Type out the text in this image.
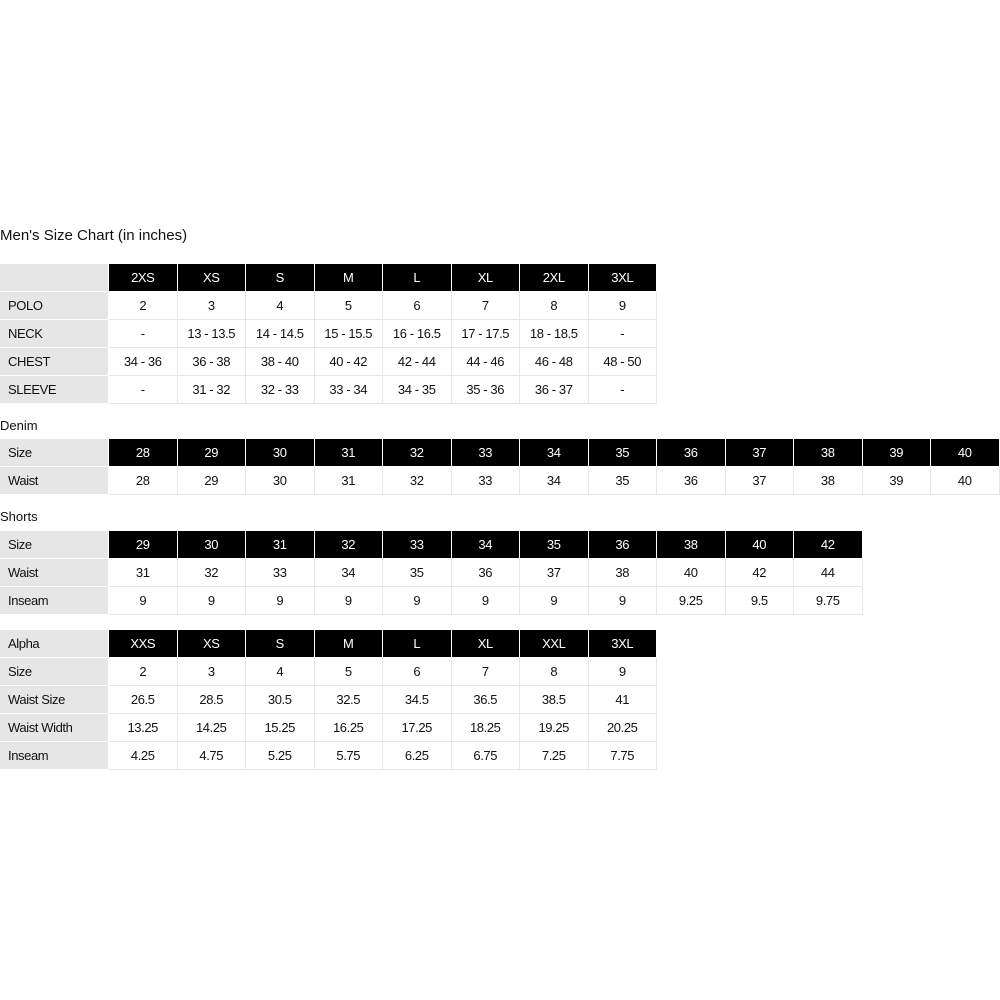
Men's Size Chart (in inches)
Denim
Shorts
2XS	XS	S	M	L	XL	2XL	3XL
POLO	2	3	4	5	6	7	8	9
NECK	-	13 - 13.5	14 - 14.5	15 - 15.5	16 - 16.5	17 - 17.5	18 - 18.5	-
CHEST	34 - 36	36 - 38	38 - 40	40 - 42	42 - 44	44 - 46	46 - 48	48 - 50
SLEEVE	-	31 - 32	32 - 33	33 - 34	34 - 35	35 - 36	36 - 37	-
Size	28	29	30	31	32	33	34	35	36	37	38	39	40
Waist	28	29	30	31	32	33	34	35	36	37	38	39	40
Size	29	30	31	32	33	34	35	36	38	40	42
Waist	31	32	33	34	35	36	37	38	40	42	44
Inseam	9	9	9	9	9	9	9	9	9.25	9.5	9.75
Alpha	XXS	XS	S	M	L	XL	XXL	3XL
Size	2	3	4	5	6	7	8	9
Waist Size	26.5	28.5	30.5	32.5	34.5	36.5	38.5	41
Waist Width	13.25	14.25	15.25	16.25	17.25	18.25	19.25	20.25
Inseam	4.25	4.75	5.25	5.75	6.25	6.75	7.25	7.75
